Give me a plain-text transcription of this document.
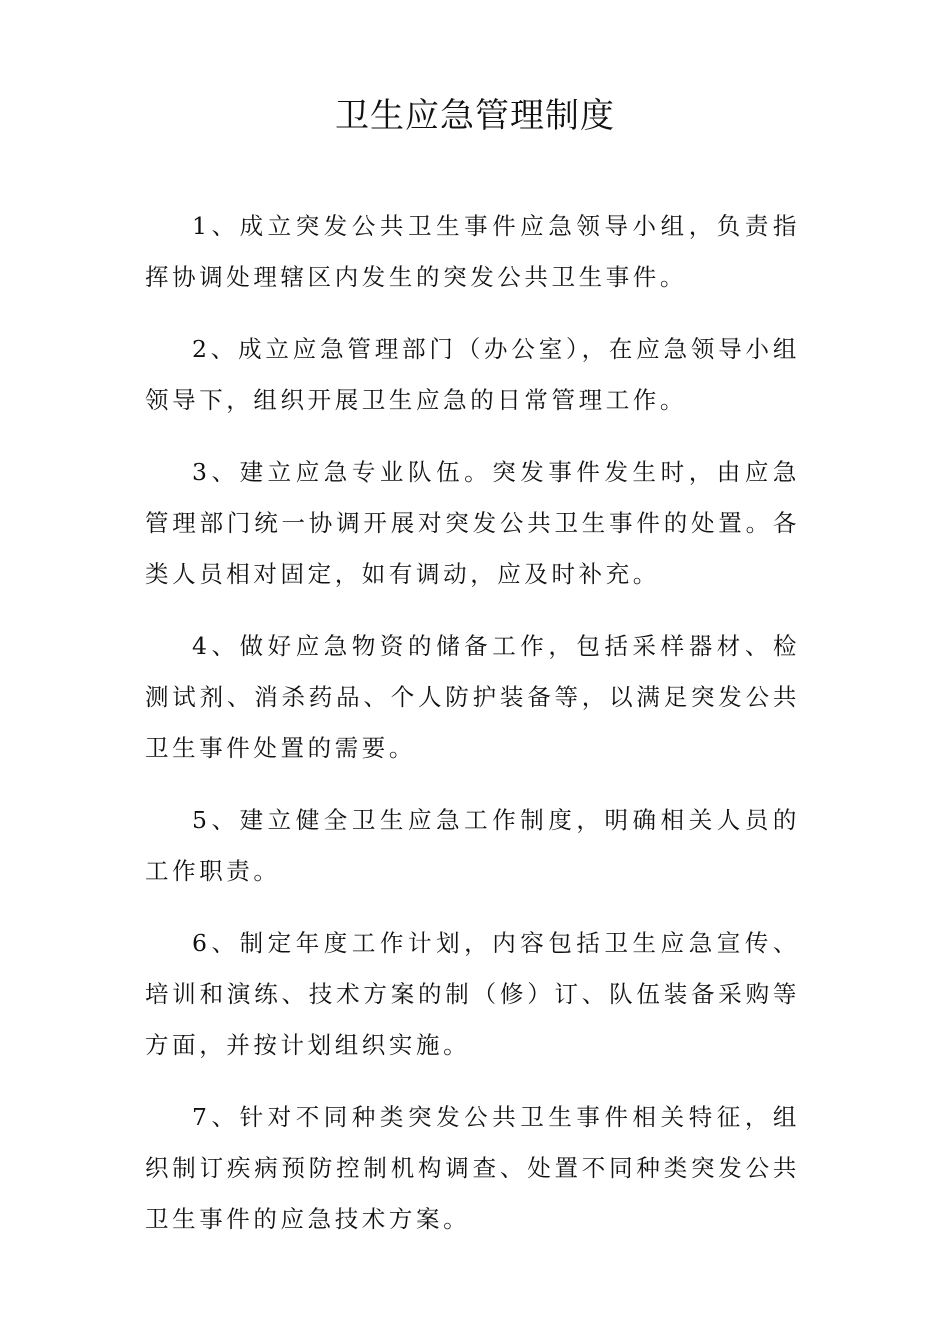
卫生应急管理制度

1、成立突发公共卫生事件应急领导小组，负责指挥协调处理辖区内发生的突发公共卫生事件。

2、成立应急管理部门（办公室），在应急领导小组领导下，组织开展卫生应急的日常管理工作。

3、建立应急专业队伍。突发事件发生时，由应急管理部门统一协调开展对突发公共卫生事件的处置。各类人员相对固定，如有调动，应及时补充。

4、做好应急物资的储备工作，包括采样器材、检测试剂、消杀药品、个人防护装备等，以满足突发公共卫生事件处置的需要。

5、建立健全卫生应急工作制度，明确相关人员的工作职责。

6、制定年度工作计划，内容包括卫生应急宣传、培训和演练、技术方案的制（修）订、队伍装备采购等方面，并按计划组织实施。

7、针对不同种类突发公共卫生事件相关特征，组织制订疾病预防控制机构调查、处置不同种类突发公共卫生事件的应急技术方案。
